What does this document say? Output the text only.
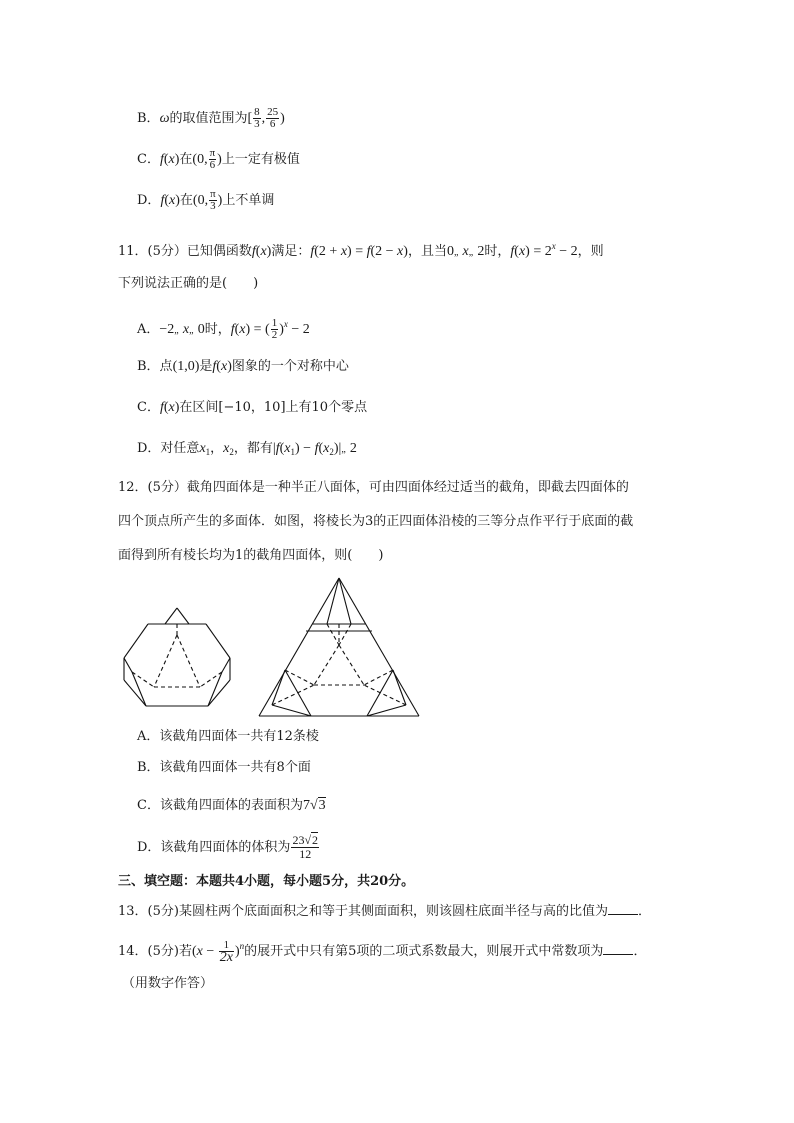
B．ω的取值范围为[ $\frac{8}{3}$ , $\frac{25}{6}$ )
C．f(x)在(0, $\frac{\pi}{6}$ )上一定有极值
D．f(x)在(0, $\frac{\pi}{3}$ )上不单调
11．(5分）已知偶函数f(x)满足：f(2 + x) = f(2 − x)，且当0„ x„ 2时，$f(x) = 2^x - 2$，则
下列说法正确的是(　　)
A．−2„ x„ 0时，f(x) = ( $\frac{1}{2} )^x - 2$
B．点(1,0)是f(x)图象的一个对称中心
C．f(x)在区间[−10，10]上有10个零点
D．对任意$x_1$，$x_2$，都有$|f(x_1)$ − $f(x_2)|„$ 2
12．(5分）截角四面体是一种半正八面体，可由四面体经过适当的截角，即截去四面体的
四个顶点所产生的多面体．如图，将棱长为3的正四面体沿棱的三等分点作平行于底面的截
面得到所有棱长均为1的截角四面体，则(　　)
A．该截角四面体一共有12条棱
B．该截角四面体一共有8个面
C．该截角四面体的表面积为7√3
D．该截角四面体的体积为 $\frac{23√2}{12}$
三、填空题：本题共4小题，每小题5分，共20分。
13．(5分)某圆柱两个底面面积之和等于其侧面面积，则该圆柱底面半径与高的比值为 ．
14．(5分)若$(x - \frac{1}{2x} )^n$的展开式中只有第5项的二项式系数最大，则展开式中常数项为 ．
（用数字作答）
